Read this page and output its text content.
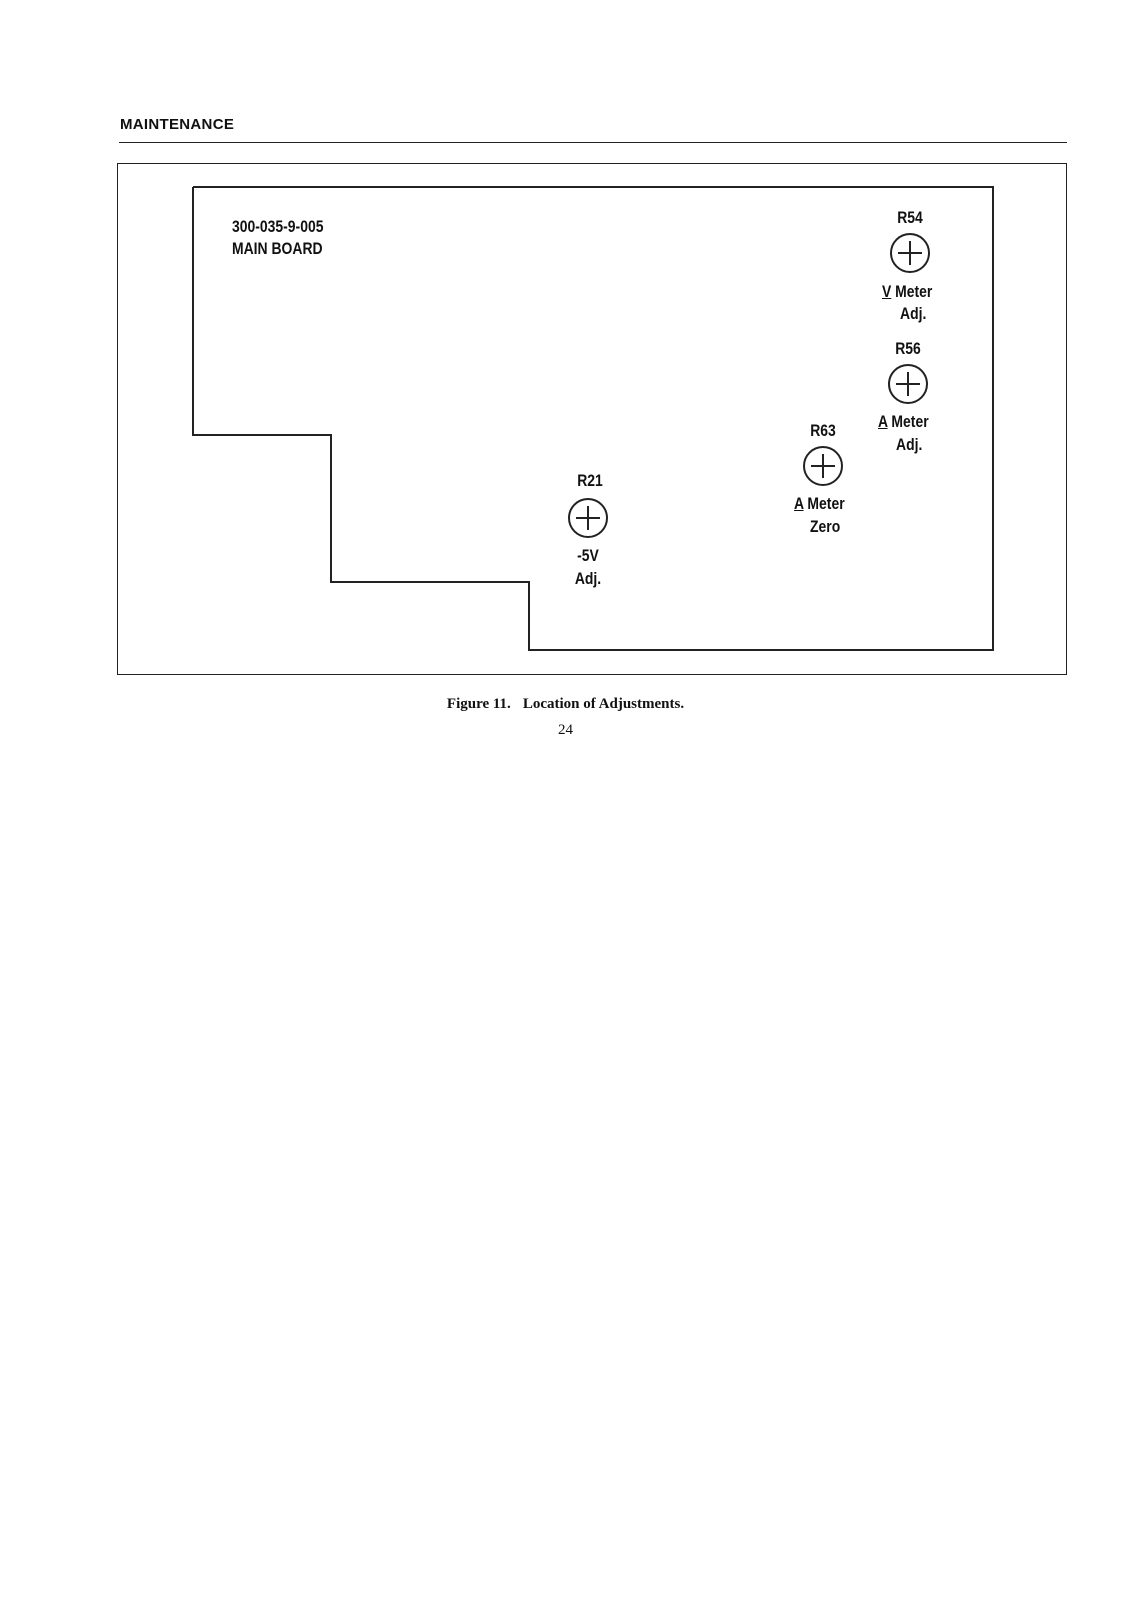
MAINTENANCE
300-035-9-005
MAIN BOARD
R54
V Meter
Adj.
R56
A Meter
Adj.
R63
A Meter
Zero
R21
-5V
Adj.
Figure 11. Location of Adjustments.
24
